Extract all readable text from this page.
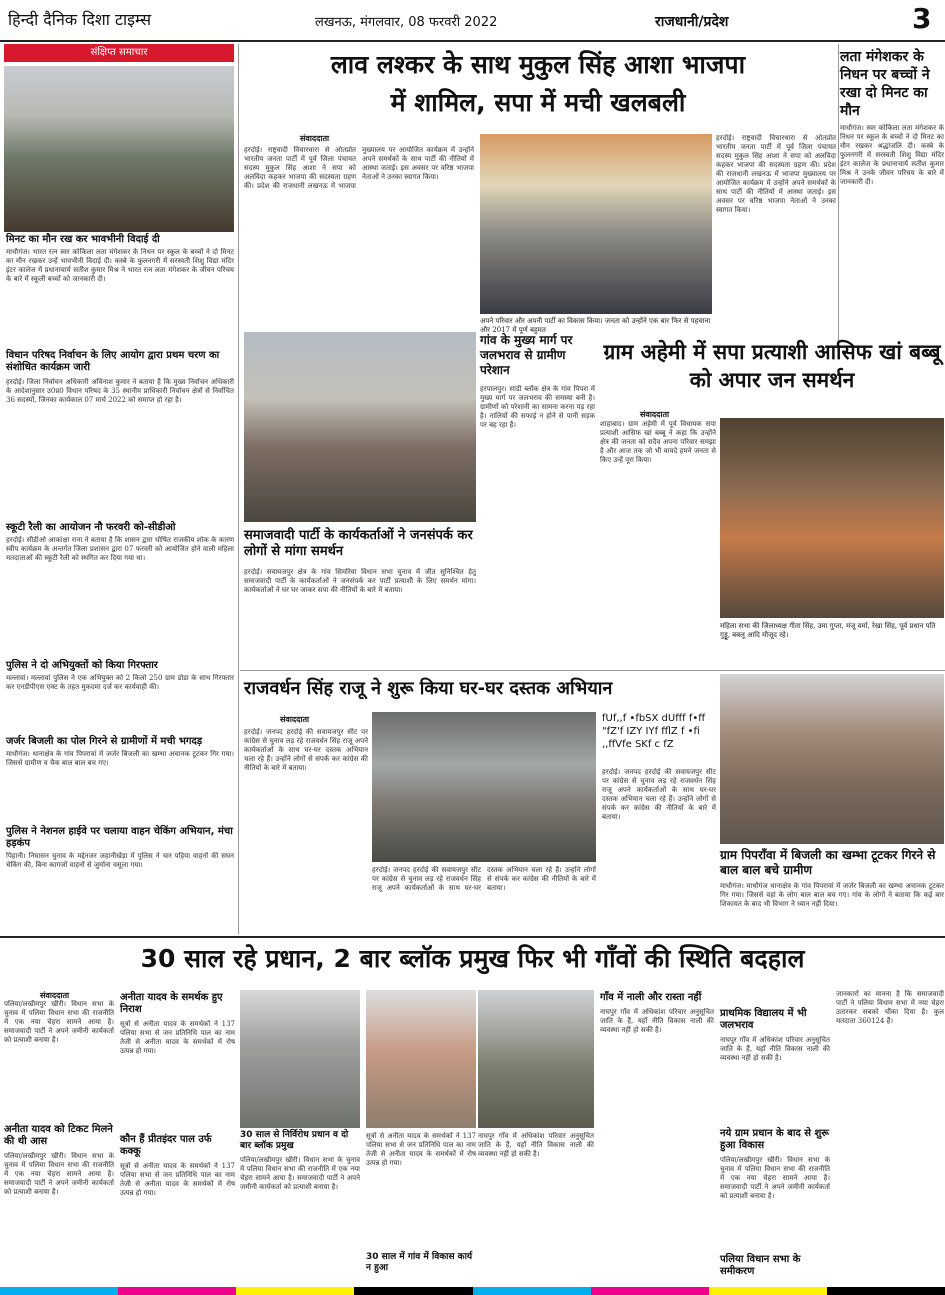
हिन्दी दैनिक दिशा टाइम्स	लखनऊ, मंगलवार, 08 फरवरी 2022	राजधानी/प्रदेश	3
संक्षिप्त समाचार
मिनट का मौन रख कर भावभीनी विदाई दी
माधौगंज। भारत रत्न स्वर कोकिला लता मंगेशकर के निधन पर स्कूल के बच्चों ने दो मिनट का मौन रखकर उन्हें भावभीनी विदाई दी। कस्बे के फुलनगरी में सरस्वती शिशु विद्या मंदिर इंटर कालेज में प्रधानाचार्य सतीश कुमार मिश्र ने भारत रत्न लता मंगेशकर के जीवन परिचय के बारे में स्कूली बच्चों को जानकारी दी।
विधान परिषद निर्वाचन के लिए आयोग द्वारा प्रथम चरण का संशोधित कार्यक्रम जारी
हरदोई। जिला निर्वाचन अधिकारी अविनाश कुमार ने बताया है कि मुख्य निर्वाचन अधिकारी के आदेशानुसार उ0प्र0 विधान परिषद के 35 स्थानीय प्राधिकारी निर्वाचन क्षेत्रों से निर्वाचित 36 सदस्यों, जिनका कार्यकाल 07 मार्च 2022 को समाप्त हो रहा है।
स्कूटी रैली का आयोजन नौ फरवरी को-सीडीओ
हरदोई। सीडीओ आकांक्षा राना ने बताया है कि शासन द्वारा घोषित राजकीय शोक के कारण स्वीप कार्यक्रम के अन्तर्गत जिला प्रशासन द्वारा 07 फरवरी को आयोजित होने वाली महिला मतदाताओं की स्कूटी रैली को स्थगित कर दिया गया था।
पुलिस ने दो अभियुक्तों को किया गिरफ्तार
मल्लावां। मल्लावां पुलिस ने एक अभियुक्त को 2 किलो 250 ग्राम डोडा के साथ गिरफ्तार कर एनडीपीएस एक्ट के तहत मुकदमा दर्ज कर कार्यवाही की।
जर्जर बिजली का पोल गिरने से ग्रामीणों में मची भगदड़
माधौगंज। थानाक्षेत्र के गांव पिपरावां में जर्जर बिजली का खम्भा अचानक टूटकर गिर गया। जिससे ग्रामीण व चैक बाल बाल बच गए।
पुलिस ने नेशनल हाईवे पर चलाया वाहन चेकिंग अभियान, मंचा हड़कंप
पिहानी। निघासन चुनाव के मद्देनजर जहानीखेड़ा में पुलिस ने चार पहिया वाहनों की सघन चेकिंग की, बिना कागजों वाहनों से जुर्माना वसूला गया।
लाव लश्कर के साथ मुकुल सिंह आशा भाजपा
में शामिल, सपा में मची खलबली
संवाददाता
हरदोई। राष्ट्रवादी विचारधारा से ओतप्रोत भारतीय जनता पार्टी में पूर्व जिला पंचायत सदस्य मुकुल सिंह आशा ने सपा को अलविदा कहकर भाजपा की सदस्यता ग्रहण की। प्रदेश की राजधानी लखनऊ में भाजपा मुख्यालय पर आयोजित कार्यक्रम में उन्होंने अपने समर्थकों के साथ पार्टी की नीतियों में आस्था जताई। इस अवसर पर वरिष्ठ भाजपा नेताओं ने उनका स्वागत किया।
अपने परिवार और अपनी पार्टी का विकास किया। जनता को उन्होंने एक बार फिर से पहचाना और 2017 में पूर्ण बहुमत
हरदोई। राष्ट्रवादी विचारधारा से ओतप्रोत भारतीय जनता पार्टी में पूर्व जिला पंचायत सदस्य मुकुल सिंह आशा ने सपा को अलविदा कहकर भाजपा की सदस्यता ग्रहण की। प्रदेश की राजधानी लखनऊ में भाजपा मुख्यालय पर आयोजित कार्यक्रम में उन्होंने अपने समर्थकों के साथ पार्टी की नीतियों में आस्था जताई। इस अवसर पर वरिष्ठ भाजपा नेताओं ने उनका स्वागत किया।
लता मंगेशकर के निधन पर बच्चों ने रखा दो मिनट का मौन
माधौगंज। स्वर कोकिला लता मंगेशकर के निधन पर स्कूल के बच्चों ने दो मिनट का मौन रखकर श्रद्धांजलि दी। कस्बे के फुलनगरी में सरस्वती शिशु विद्या मंदिर इंटर कालेज के प्रधानाचार्य सतीश कुमार मिश्र ने उनके जीवन परिचय के बारे में जानकारी दी।
समाजवादी पार्टी के कार्यकर्ताओं ने जनसंपर्क कर लोगों से मांगा समर्थन
हरदोई। सवायजपुर क्षेत्र के गांव सिमरिया विधान सभा चुनाव में जीत सुनिश्चित हेतु समाजवादी पार्टी के कार्यकर्ताओं ने जनसंपर्क कर पार्टी प्रत्याशी के लिए समर्थन मांगा। कार्यकर्ताओं ने घर घर जाकर सपा की नीतियों के बारे में बताया।
गांव के मुख्य मार्ग पर जलभराव से ग्रामीण परेशान
हरपालपुर। सांडी ब्लॉक क्षेत्र के गांव पिपरा में मुख्य मार्ग पर जलभराव की समस्या बनी है। ग्रामीणों को परेशानी का सामना करना पड़ रहा है। नालियों की सफाई न होने से पानी सड़क पर बह रहा है।
ग्राम अहेमी में सपा प्रत्याशी आसिफ खां बब्बू को अपार जन समर्थन
संवाददाता
शाहाबाद। ग्राम अहेमी में पूर्व विधायक सपा प्रत्याशी आसिफ खां बब्बू ने कहा कि उन्होंने क्षेत्र की जनता को सदैव अपना परिवार समझा है और आज तक जो भी वायदे हमने जनता से किए उन्हें पूरा किया।
महिला सभा की जिलाध्यक्ष गीता सिंह, उमा गुप्ता, मंजू वर्मा, रेखा सिंह, पूर्व प्रधान पति गुड्डू, बबलू आदि मौजूद रहे।
राजवर्धन सिंह राजू ने शुरू किया घर-घर दस्तक अभियान
संवाददाता
हरदोई। जनपद हरदोई की सवायजपुर सीट पर कांग्रेस से चुनाव लड़ रहे राजवर्धन सिंह राजू अपने कार्यकर्ताओं के साथ घर-घर दस्तक अभियान चला रहे हैं। उन्होंने लोगों से संपर्क कर कांग्रेस की नीतियों के बारे में बताया।
हरदोई। जनपद हरदोई की सवायजपुर सीट पर कांग्रेस से चुनाव लड़ रहे राजवर्धन सिंह राजू अपने कार्यकर्ताओं के साथ घर-घर दस्तक अभियान चला रहे हैं। उन्होंने लोगों से संपर्क कर कांग्रेस की नीतियों के बारे में बताया।
fUf,,f •fbSX dUfff f•ff "fZ'f IZY IYf fflZ f •fi ,,ffVfe SKf c fZ
हरदोई। जनपद हरदोई की सवायजपुर सीट पर कांग्रेस से चुनाव लड़ रहे राजवर्धन सिंह राजू अपने कार्यकर्ताओं के साथ घर-घर दस्तक अभियान चला रहे हैं। उन्होंने लोगों से संपर्क कर कांग्रेस की नीतियों के बारे में बताया।
ग्राम पिपराँवा में बिजली का खम्भा टूटकर गिरने से बाल बाल बचे ग्रामीण
माधौगंज। माधौगंज थानाक्षेत्र के गांव पिपरावां में जर्जर बिजली का खम्भा अचानक टूटकर गिर गया। जिससे वहां के लोग बाल बाल बच गए। गांव के लोगों ने बताया कि कई बार शिकायत के बाद भी विभाग ने ध्यान नहीं दिया।
30 साल रहे प्रधान, 2 बार ब्लॉक प्रमुख फिर भी गाँवों की स्थिति बदहाल
संवाददाता
पलिया/लखीमपुर खीरी। विधान सभा के चुनाव में पलिया विधान सभा की राजनीति में एक नया चेहरा सामने आया है। समाजवादी पार्टी ने अपने जमीनी कार्यकर्ता को प्रत्याशी बनाया है।
अनीता यादव को टिकट मिलने की थी आस
पलिया/लखीमपुर खीरी। विधान सभा के चुनाव में पलिया विधान सभा की राजनीति में एक नया चेहरा सामने आया है। समाजवादी पार्टी ने अपने जमीनी कार्यकर्ता को प्रत्याशी बनाया है।
अनीता यादव के समर्थक हुए निराश
सूत्रों से अनीता यादव के समर्थकों ने 137 पलिया सभा से जन प्रतिनिधि पाल का नाम तेजी से अनीता यादव के समर्थकों में रोष उत्पन्न हो गया।
कौन हैं प्रीतइंदर पाल उर्फ कक्कू
सूत्रों से अनीता यादव के समर्थकों ने 137 पलिया सभा से जन प्रतिनिधि पाल का नाम तेजी से अनीता यादव के समर्थकों में रोष उत्पन्न हो गया।
30 साल से निर्विरोध प्रधान व दो बार ब्लॉक प्रमुख
पलिया/लखीमपुर खीरी। विधान सभा के चुनाव में पलिया विधान सभा की राजनीति में एक नया चेहरा सामने आया है। समाजवादी पार्टी ने अपने जमीनी कार्यकर्ता को प्रत्याशी बनाया है।
सूत्रों से अनीता यादव के समर्थकों ने 137 पलिया सभा से जन प्रतिनिधि पाल का नाम तेजी से अनीता यादव के समर्थकों में रोष उत्पन्न हो गया।
30 साल में गांव में विकास कार्य न हुआ
नाघपुर गाँव में अधिकांश परिवार अनुसूचित जाति के हैं, यहाँ नीति विकास नाली की व्यवस्था नहीं हो सकी है।
गाँव में नाली और रास्ता नहीं
नाघपुर गाँव में अधिकांश परिवार अनुसूचित जाति के हैं, यहाँ नीति विकास नाली की व्यवस्था नहीं हो सकी है।
प्राथमिक विद्यालय में भी जलभराव
नाघपुर गाँव में अधिकांश परिवार अनुसूचित जाति के हैं, यहाँ नीति विकास नाली की व्यवस्था नहीं हो सकी है।
नये ग्राम प्रधान के बाद से शुरू हुआ विकास
पलिया/लखीमपुर खीरी। विधान सभा के चुनाव में पलिया विधान सभा की राजनीति में एक नया चेहरा सामने आया है। समाजवादी पार्टी ने अपने जमीनी कार्यकर्ता को प्रत्याशी बनाया है।
पलिया विधान सभा के समीकरण
जानकारों का मानना है कि समाजवादी पार्टी ने पलिया विधान सभा में नया चेहरा उतारकर सबको चौंका दिया है। कुल मतदाता 360124 हैं।
